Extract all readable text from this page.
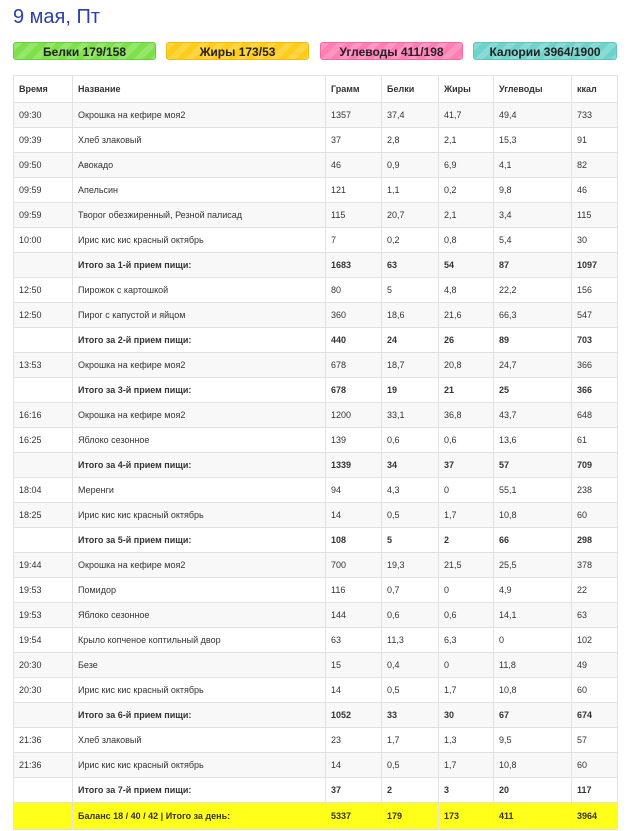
9 мая, Пт
Белки 179/158	Жиры 173/53	Углеводы 411/198	Калории 3964/1900
Время	Название	Грамм	Белки	Жиры	Углеводы	ккал
09:30	Окрошка на кефире моя2	1357	37,4	41,7	49,4	733
09:39	Хлеб злаковый	37	2,8	2,1	15,3	91
09:50	Авокадо	46	0,9	6,9	4,1	82
09:59	Апельсин	121	1,1	0,2	9,8	46
09:59	Творог обезжиренный, Резной палисад	115	20,7	2,1	3,4	115
10:00	Ирис кис кис красный октябрь	7	0,2	0,8	5,4	30
	Итого за 1-й прием пищи:	1683	63	54	87	1097
12:50	Пирожок с картошкой	80	5	4,8	22,2	156
12:50	Пирог с капустой и яйцом	360	18,6	21,6	66,3	547
	Итого за 2-й прием пищи:	440	24	26	89	703
13:53	Окрошка на кефире моя2	678	18,7	20,8	24,7	366
	Итого за 3-й прием пищи:	678	19	21	25	366
16:16	Окрошка на кефире моя2	1200	33,1	36,8	43,7	648
16:25	Яблоко сезонное	139	0,6	0,6	13,6	61
	Итого за 4-й прием пищи:	1339	34	37	57	709
18:04	Меренги	94	4,3	0	55,1	238
18:25	Ирис кис кис красный октябрь	14	0,5	1,7	10,8	60
	Итого за 5-й прием пищи:	108	5	2	66	298
19:44	Окрошка на кефире моя2	700	19,3	21,5	25,5	378
19:53	Помидор	116	0,7	0	4,9	22
19:53	Яблоко сезонное	144	0,6	0,6	14,1	63
19:54	Крыло копченое коптильный двор	63	11,3	6,3	0	102
20:30	Безе	15	0,4	0	11,8	49
20:30	Ирис кис кис красный октябрь	14	0,5	1,7	10,8	60
	Итого за 6-й прием пищи:	1052	33	30	67	674
21:36	Хлеб злаковый	23	1,7	1,3	9,5	57
21:36	Ирис кис кис красный октябрь	14	0,5	1,7	10,8	60
	Итого за 7-й прием пищи:	37	2	3	20	117
	Баланс 18 / 40 / 42 | Итого за день:	5337	179	173	411	3964
